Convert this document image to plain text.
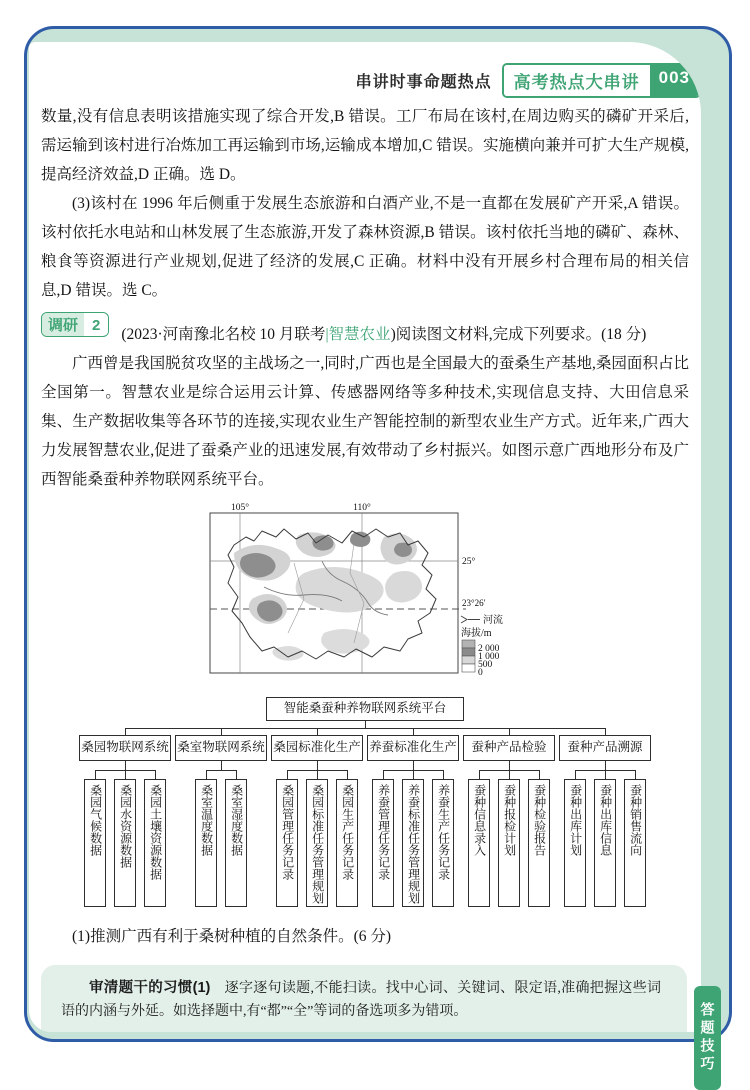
串讲时事命题热点	高考热点大串讲	003

数量,没有信息表明该措施实现了综合开发,B 错误。工厂布局在该村,在周边购买的磷矿开采后,需运输到该村进行冶炼加工再运输到市场,运输成本增加,C 错误。实施横向兼并可扩大生产规模,提高经济效益,D 正确。选 D。

(3)该村在 1996 年后侧重于发展生态旅游和白酒产业,不是一直都在发展矿产开采,A 错误。该村依托水电站和山林发展了生态旅游,开发了森林资源,B 错误。该村依托当地的磷矿、森林、粮食等资源进行产业规划,促进了经济的发展,C 正确。材料中没有开展乡村合理布局的相关信息,D 错误。选 C。

调研 2(2023·河南豫北名校 10 月联考|智慧农业)阅读图文材料,完成下列要求。(18 分)

广西曾是我国脱贫攻坚的主战场之一,同时,广西也是全国最大的蚕桑生产基地,桑园面积占比全国第一。智慧农业是综合运用云计算、传感器网络等多种技术,实现信息支持、大田信息采集、生产数据收集等各环节的连接,实现农业生产智能控制的新型农业生产方式。近年来,广西大力发展智慧农业,促进了蚕桑产业的迅速发展,有效带动了乡村振兴。如图示意广西地形分布及广西智能桑蚕种养物联网系统平台。

105°	110°
25°
23°26′
河流
海拔/m
2 000
1 000
500
0
智能桑蚕种养物联网系统平台
桑园物联网系统
桑园气候数据	桑园水资源数据	桑园土壤资源数据
桑室物联网系统
桑室温度数据	桑室湿度数据
桑园标准化生产
桑园管理任务记录	桑园标准任务管理规划	桑园生产任务记录
养蚕标准化生产
养蚕管理任务记录	养蚕标准任务管理规划	养蚕生产任务记录
蚕种产品检验
蚕种信息录入	蚕种报检计划	蚕种检验报告
蚕种产品溯源
蚕种出库计划	蚕种出库信息	蚕种销售流向

(1)推测广西有利于桑树种植的自然条件。(6 分)

审清题干的习惯(1) 逐字逐句读题,不能扫读。找中心词、关键词、限定语,准确把握这些词语的内涵与外延。如选择题中,有“都”“全”等词的备选项多为错项。	答题技巧
